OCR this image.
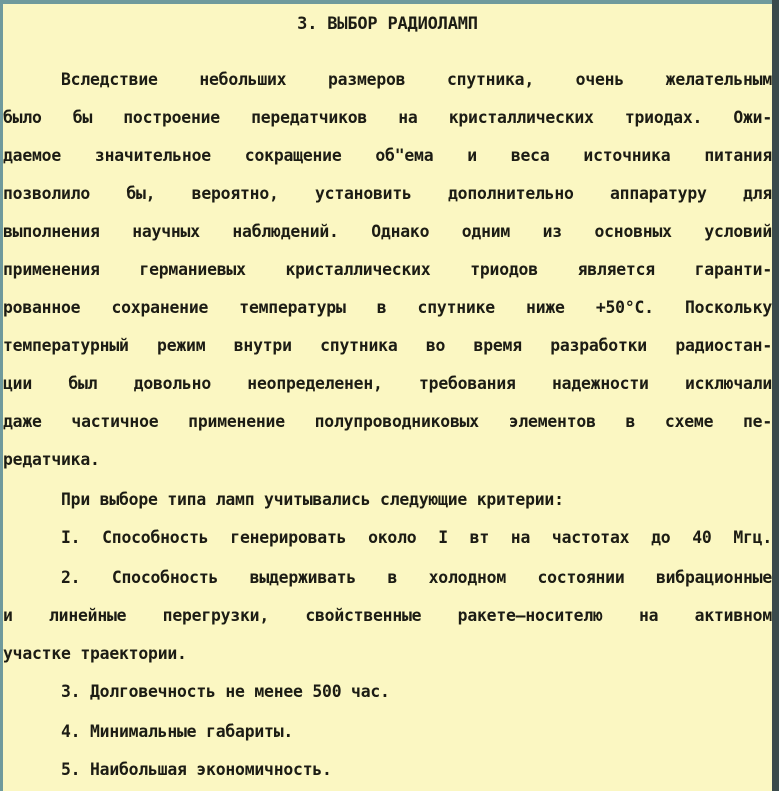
3. ВЫБОР РАДИОЛАМП
Вследствие небольших размеров спутника, очень желательным
было бы построение передатчиков на кристаллических триодах. Ожи-
даемое значительное сокращение об"ема и веса источника питания
позволило бы, вероятно, установить дополнительно аппаратуру для
выполнения научных наблюдений. Однако одним из основных условий
применения германиевых кристаллических триодов является гаранти-
рованное сохранение температуры в спутнике ниже +50°С. Поскольку
температурный режим внутри спутника во время разработки радиостан-
ции был довольно неопределенен, требования надежности исключали
даже частичное применение полупроводниковых элементов в схеме пе-
редатчика.
При выборе типа ламп учитывались следующие критерии:
I. Способность генерировать около I вт на частотах до 40 Мгц.
2. Способность выдерживать в холодном состоянии вибрационные
и линейные перегрузки, свойственные ракете–носителю на активном
участке траектории.
3. Долговечность не менее 500 час.
4. Минимальные габариты.
5. Наибольшая экономичность.
